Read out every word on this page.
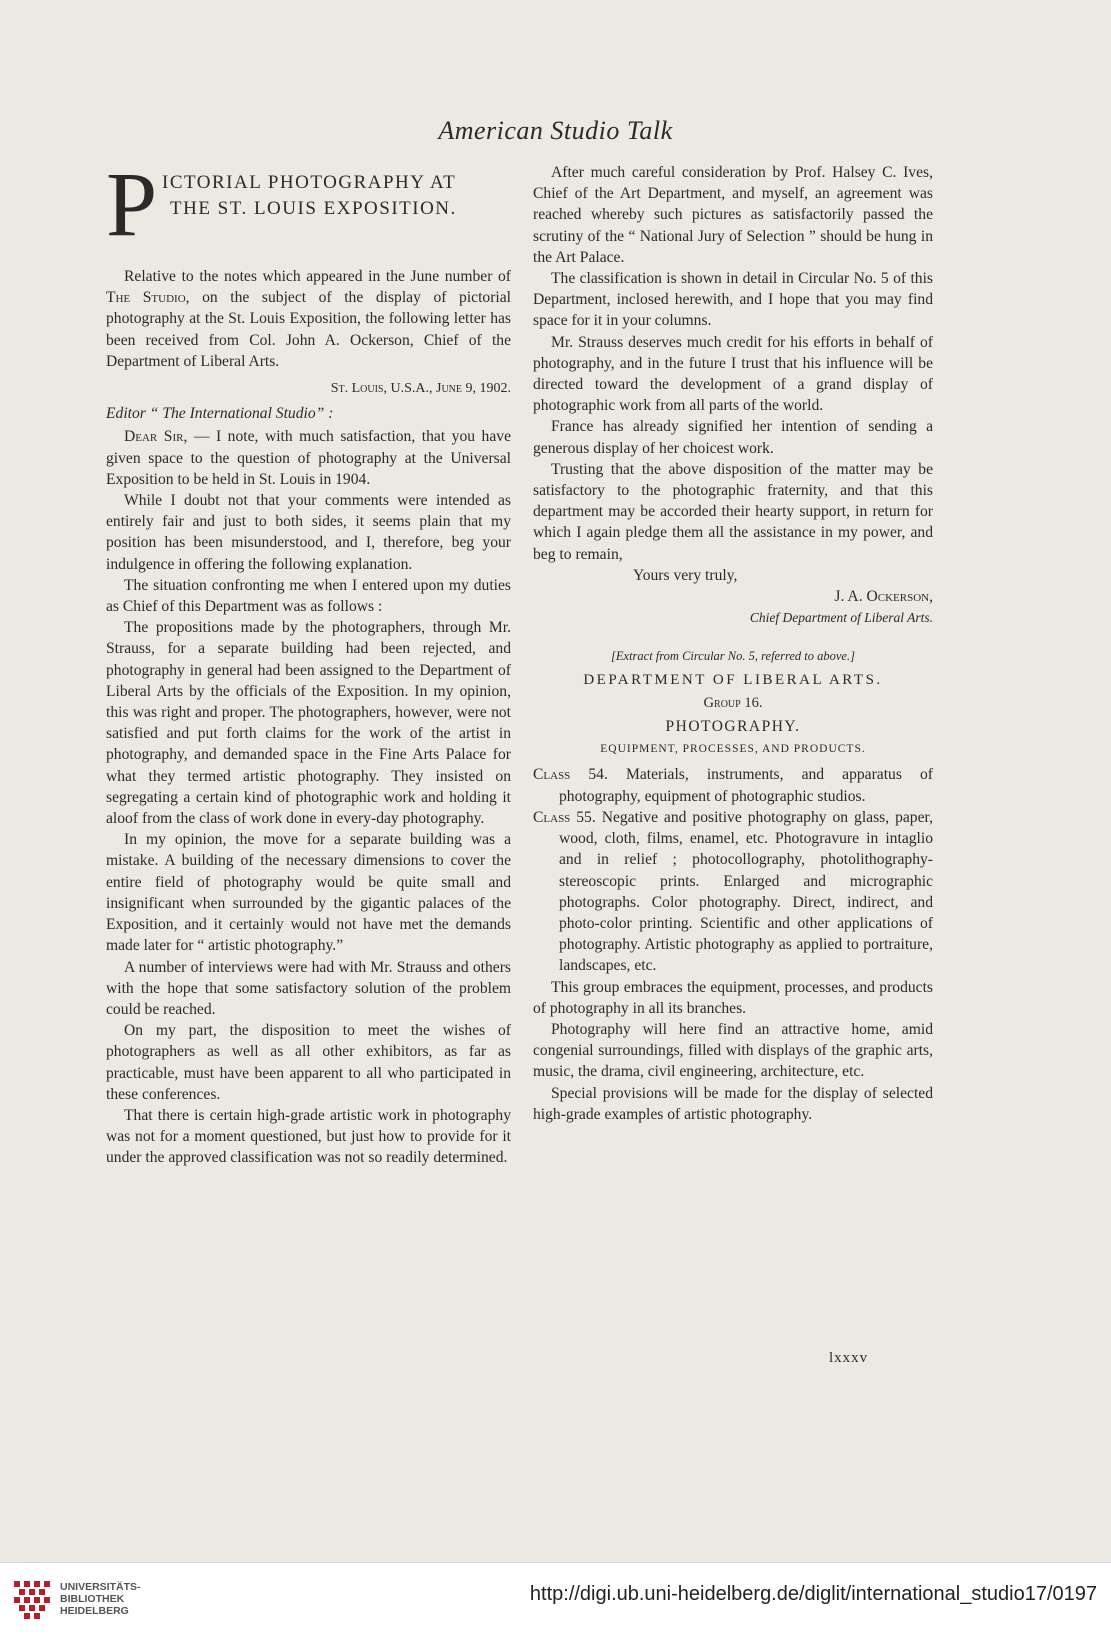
American Studio Talk
P ICTORIAL PHOTOGRAPHY AT
THE ST. LOUIS EXPOSITION.

Relative to the notes which appeared in the June number of The Studio, on the subject of the display of pictorial photography at the St. Louis Exposition, the following letter has been received from Col. John A. Ockerson, Chief of the Department of Liberal Arts.

St. Louis, U.S.A., June 9, 1902.
Editor “ The International Studio” :

Dear Sir, — I note, with much satisfaction, that you have given space to the question of photography at the Universal Exposition to be held in St. Louis in 1904.

While I doubt not that your comments were intended as entirely fair and just to both sides, it seems plain that my position has been misunderstood, and I, therefore, beg your indulgence in offering the following explanation.

The situation confronting me when I entered upon my duties as Chief of this Department was as follows :

The propositions made by the photographers, through Mr. Strauss, for a separate building had been rejected, and photography in general had been assigned to the Department of Liberal Arts by the officials of the Exposition. In my opinion, this was right and proper. The photographers, however, were not satisfied and put forth claims for the work of the artist in photography, and demanded space in the Fine Arts Palace for what they termed artistic photography. They insisted on segregating a certain kind of photographic work and holding it aloof from the class of work done in every-day photography.

In my opinion, the move for a separate building was a mistake. A building of the necessary dimensions to cover the entire field of photography would be quite small and insignificant when surrounded by the gigantic palaces of the Exposition, and it certainly would not have met the demands made later for “ artistic photography.”

A number of interviews were had with Mr. Strauss and others with the hope that some satisfactory solution of the problem could be reached.

On my part, the disposition to meet the wishes of photographers as well as all other exhibitors, as far as practicable, must have been apparent to all who participated in these conferences.

That there is certain high-grade artistic work in photography was not for a moment questioned, but just how to provide for it under the approved classification was not so readily determined.

After much careful consideration by Prof. Halsey C. Ives, Chief of the Art Department, and myself, an agreement was reached whereby such pictures as satisfactorily passed the scrutiny of the “ National Jury of Selection ” should be hung in the Art Palace.

The classification is shown in detail in Circular No. 5 of this Department, inclosed herewith, and I hope that you may find space for it in your columns.

Mr. Strauss deserves much credit for his efforts in behalf of photography, and in the future I trust that his influence will be directed toward the development of a grand display of photographic work from all parts of the world.

France has already signified her intention of sending a generous display of her choicest work.

Trusting that the above disposition of the matter may be satisfactory to the photographic fraternity, and that this department may be accorded their hearty support, in return for which I again pledge them all the assistance in my power, and beg to remain,

Yours very truly,
J. A. Ockerson,
Chief Department of Liberal Arts.
[Extract from Circular No. 5, referred to above.]
DEPARTMENT OF LIBERAL ARTS.
Group 16.
PHOTOGRAPHY.
EQUIPMENT, PROCESSES, AND PRODUCTS.

Class 54. Materials, instruments, and apparatus of photography, equipment of photographic studios.

Class 55. Negative and positive photography on glass, paper, wood, cloth, films, enamel, etc. Photogravure in intaglio and in relief ; photocollography, photolithography-stereoscopic prints. Enlarged and micrographic photographs. Color photography. Direct, indirect, and photo-color printing. Scientific and other applications of photography. Artistic photography as applied to portraiture, landscapes, etc.

This group embraces the equipment, processes, and products of photography in all its branches.

Photography will here find an attractive home, amid congenial surroundings, filled with displays of the graphic arts, music, the drama, civil engineering, architecture, etc.

Special provisions will be made for the display of selected high-grade examples of artistic photography.

lxxxv
UNIVERSITÄTS-
BIBLIOTHEK
HEIDELBERG
http://digi.ub.uni-heidelberg.de/diglit/international_studio17/0197
